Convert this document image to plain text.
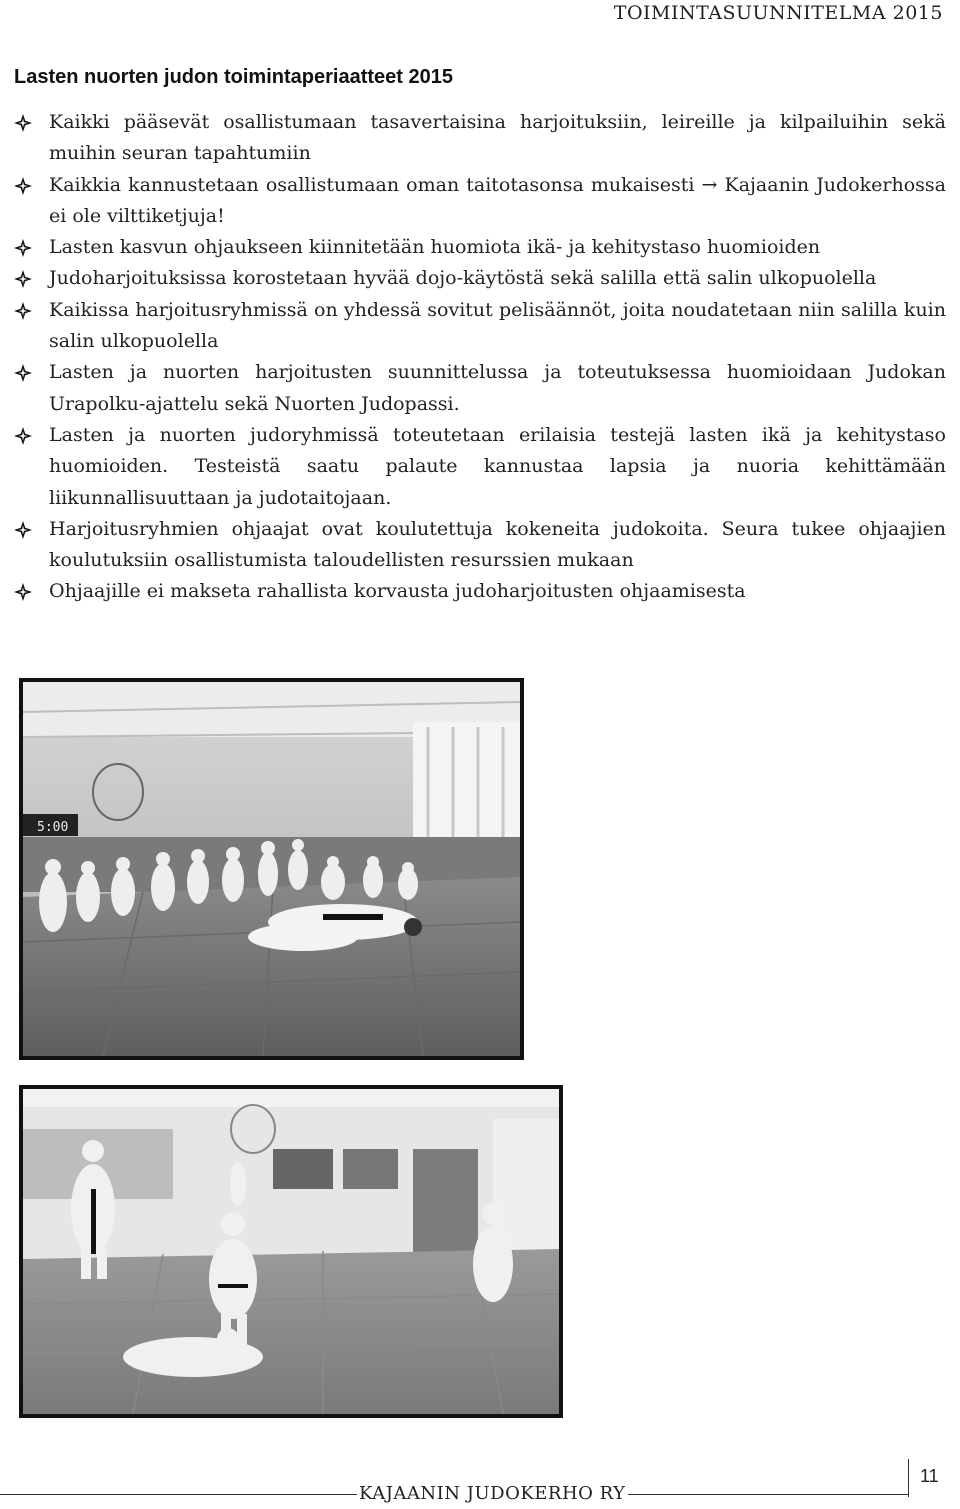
TOIMINTASUUNNITELMA 2015
Lasten nuorten judon toimintaperiaatteet 2015
Kaikki pääsevät osallistumaan tasavertaisina harjoituksiin, leireille ja kilpailuihin sekä muihin seuran tapahtumiin
Kaikkia kannustetaan osallistumaan oman taitotasonsa mukaisesti → Kajaanin Judokerhossa ei ole vilttiketjuja!
Lasten kasvun ohjaukseen kiinnitetään huomiota ikä- ja kehitystaso huomioiden
Judoharjoituksissa korostetaan hyvää dojo-käytöstä sekä salilla että salin ulkopuolella
Kaikissa harjoitusryhmissä on yhdessä sovitut pelisäännöt, joita noudatetaan niin salilla kuin salin ulkopuolella
Lasten ja nuorten harjoitusten suunnittelussa ja toteutuksessa huomioidaan Judokan Urapolku-ajattelu sekä Nuorten Judopassi.
Lasten ja nuorten judoryhmissä toteutetaan erilaisia testejä lasten ikä ja kehitystaso huomioiden. Testeistä saatu palaute kannustaa lapsia ja nuoria kehittämään liikunnallisuuttaan ja judotaitojaan.
Harjoitusryhmien ohjaajat ovat koulutettuja kokeneita judokoita. Seura tukee ohjaajien koulutuksiin osallistumista taloudellisten resurssien mukaan
Ohjaajille ei makseta rahallista korvausta judoharjoitusten ohjaamisesta
5:00
KAJAANIN JUDOKERHO RY
11
